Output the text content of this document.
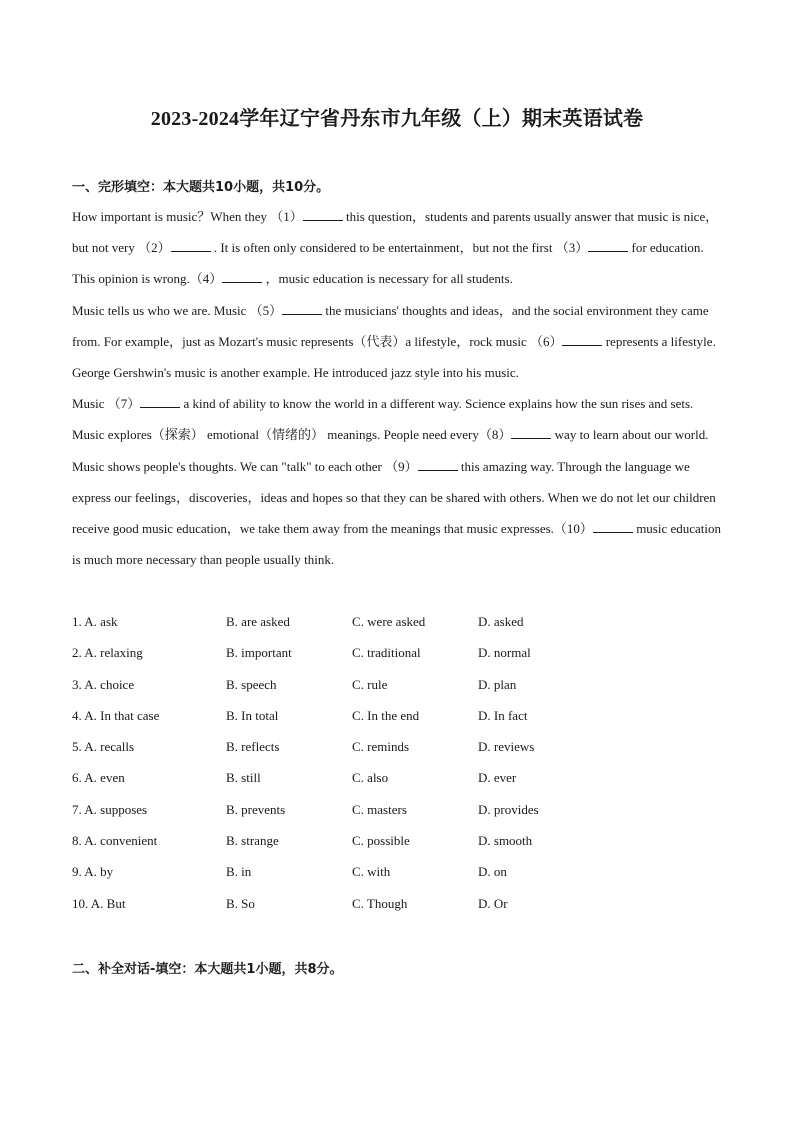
2023-2024学年辽宁省丹东市九年级（上）期末英语试卷
一、完形填空：本大题共10小题，共10分。

How important is music？When they （1）	this question，students and parents usually answer that music is nice，but not very （2）	. It is often only considered to be entertainment，but not the first （3）	for education. This opinion is wrong.（4）	，music education is necessary for all students.

Music tells us who we are. Music （5）	the musicians' thoughts and ideas，and the social environment they came from. For example，just as Mozart's music represents（代表）a lifestyle，rock music （6）	represents a lifestyle. George Gershwin's music is another example. He introduced jazz style into his music.

Music （7）	a kind of ability to know the world in a different way. Science explains how the sun rises and sets. Music explores（探索） emotional（情绪的） meanings. People need every（8）	way to learn about our world.

Music shows people's thoughts. We can "talk" to each other （9）	this amazing way. Through the language we express our feelings，discoveries，ideas and hopes so that they can be shared with others. When we do not let our children receive good music education，we take them away from the meanings that music expresses.（10）	music education is much more necessary than people usually think.

1. A. ask	B. are asked	C. were asked	D. asked
2. A. relaxing	B. important	C. traditional	D. normal
3. A. choice	B. speech	C. rule	D. plan
4. A. In that case	B. In total	C. In the end	D. In fact
5. A. recalls	B. reflects	C. reminds	D. reviews
6. A. even	B. still	C. also	D. ever
7. A. supposes	B. prevents	C. masters	D. provides
8. A. convenient	B. strange	C. possible	D. smooth
9. A. by	B. in	C. with	D. on
10. A. But	B. So	C. Though	D. Or
二、补全对话-填空：本大题共1小题，共8分。
